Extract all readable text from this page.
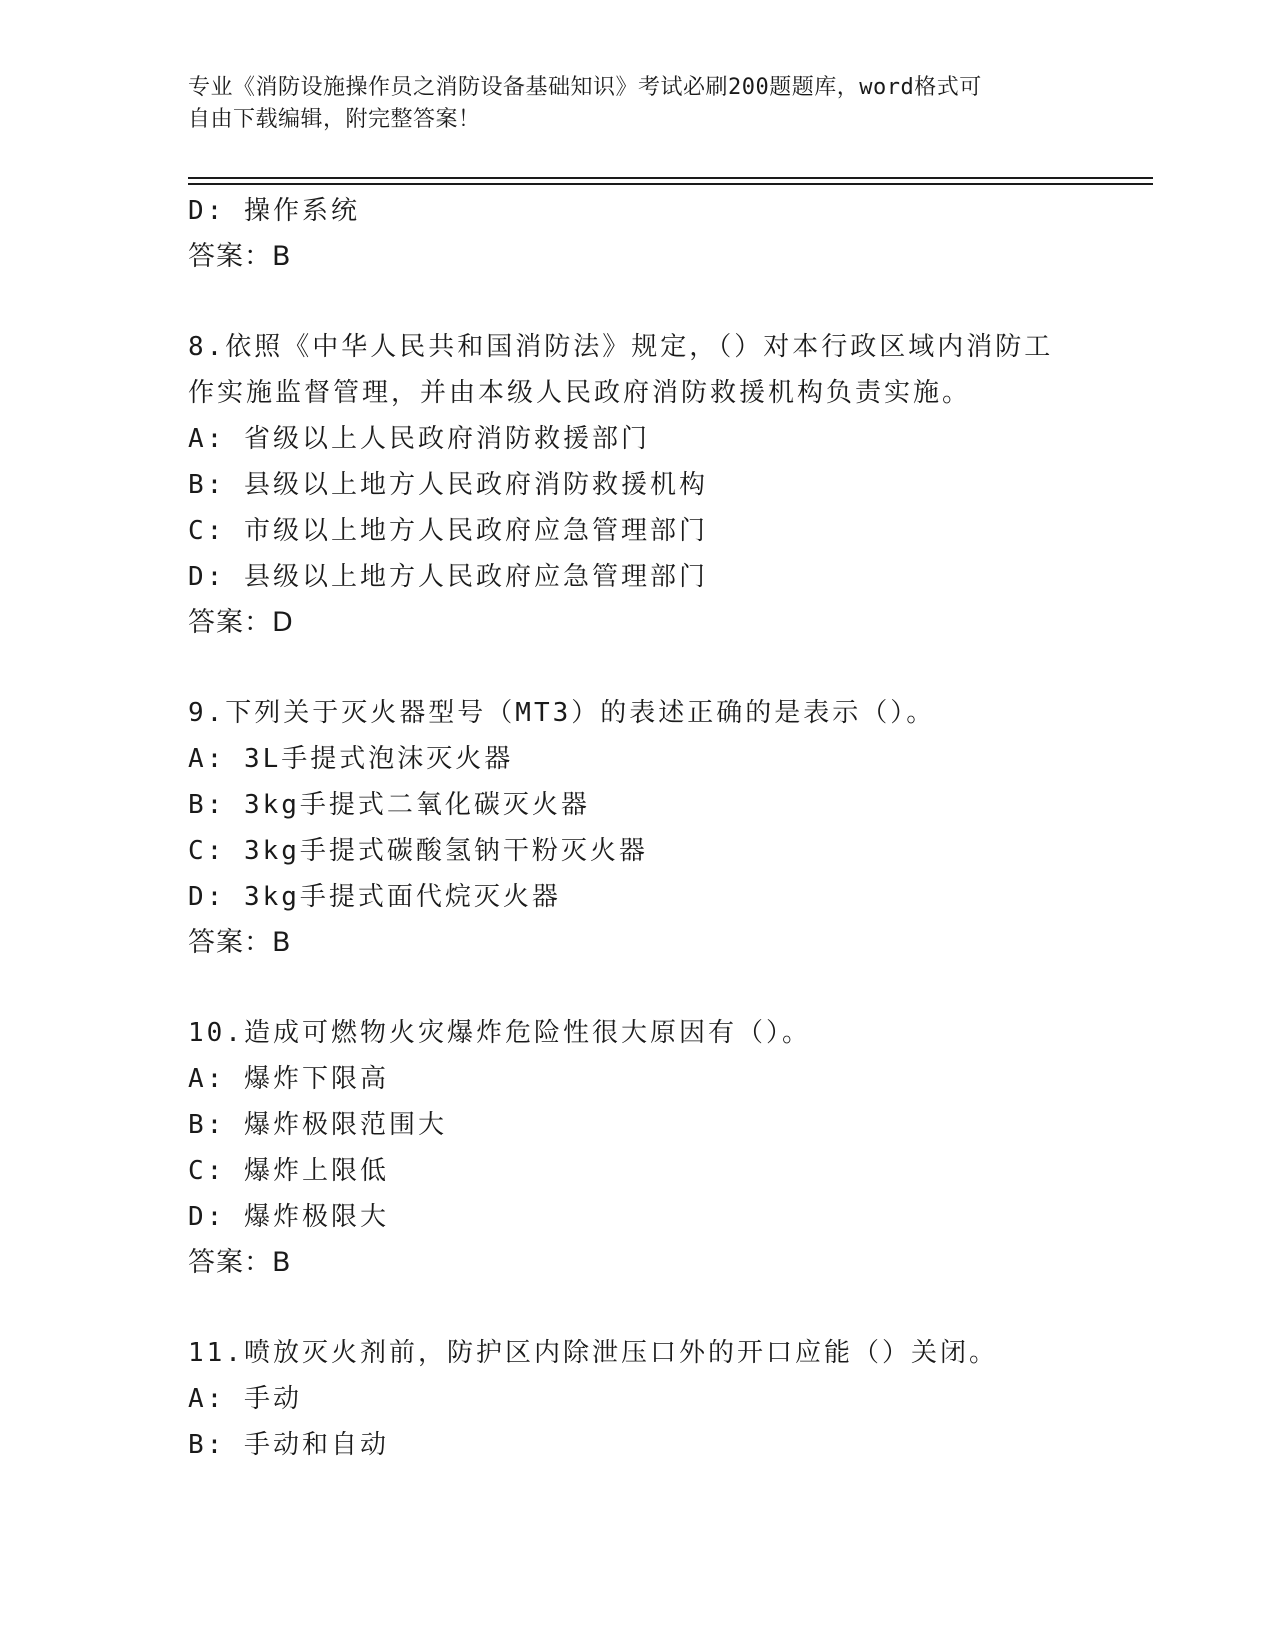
专业《消防设施操作员之消防设备基础知识》考试必刷200题题库，word格式可
自由下载编辑，附完整答案！
D: 操作系统
答案：B
8.依照《中华人民共和国消防法》规定，（）对本行政区域内消防工
作实施监督管理，并由本级人民政府消防救援机构负责实施。
A: 省级以上人民政府消防救援部门
B: 县级以上地方人民政府消防救援机构
C: 市级以上地方人民政府应急管理部门
D: 县级以上地方人民政府应急管理部门
答案：D
9.下列关于灭火器型号（MT3）的表述正确的是表示（）。
A: 3L手提式泡沫灭火器
B: 3kg手提式二氧化碳灭火器
C: 3kg手提式碳酸氢钠干粉灭火器
D: 3kg手提式面代烷灭火器
答案：B
10.造成可燃物火灾爆炸危险性很大原因有（）。
A: 爆炸下限高
B: 爆炸极限范围大
C: 爆炸上限低
D: 爆炸极限大
答案：B
11.喷放灭火剂前，防护区内除泄压口外的开口应能（）关闭。
A: 手动
B: 手动和自动
